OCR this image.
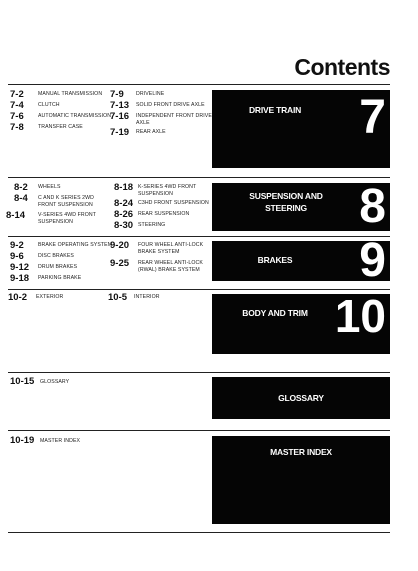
Contents
DRIVE TRAIN	7
7-2	MANUAL TRANSMISSION
7-4	CLUTCH
7-6	AUTOMATIC TRANSMISSION
7-8	TRANSFER CASE
7-9 DRIVELINE
7-13 SOLID FRONT DRIVE AXLE
7-16 INDEPENDENT FRONT DRIVE AXLE
7-19 REAR AXLE
SUSPENSION AND STEERING	8
8-2 WHEELS
8-4 C AND K SERIES 2WD FRONT SUSPENSION
8-14 V-SERIES 4WD FRONT SUSPENSION
8-18 K-SERIES 4WD FRONT SUSPENSION
8-24 C3HD FRONT SUSPENSION
8-26 REAR SUSPENSION
8-30 STEERING
BRAKES	9
9-2	BRAKE OPERATING SYSTEM
9-6	DISC BRAKES
9-12 DRUM BRAKES
9-18 PARKING BRAKE
9-20 FOUR WHEEL ANTI-LOCK BRAKE SYSTEM
9-25 REAR WHEEL ANTI-LOCK (RWAL) BRAKE SYSTEM
BODY AND TRIM 10
10-2 EXTERIOR	10-5 INTERIOR
GLOSSARY
10-15 GLOSSARY
MASTER INDEX
10-19 MASTER INDEX
